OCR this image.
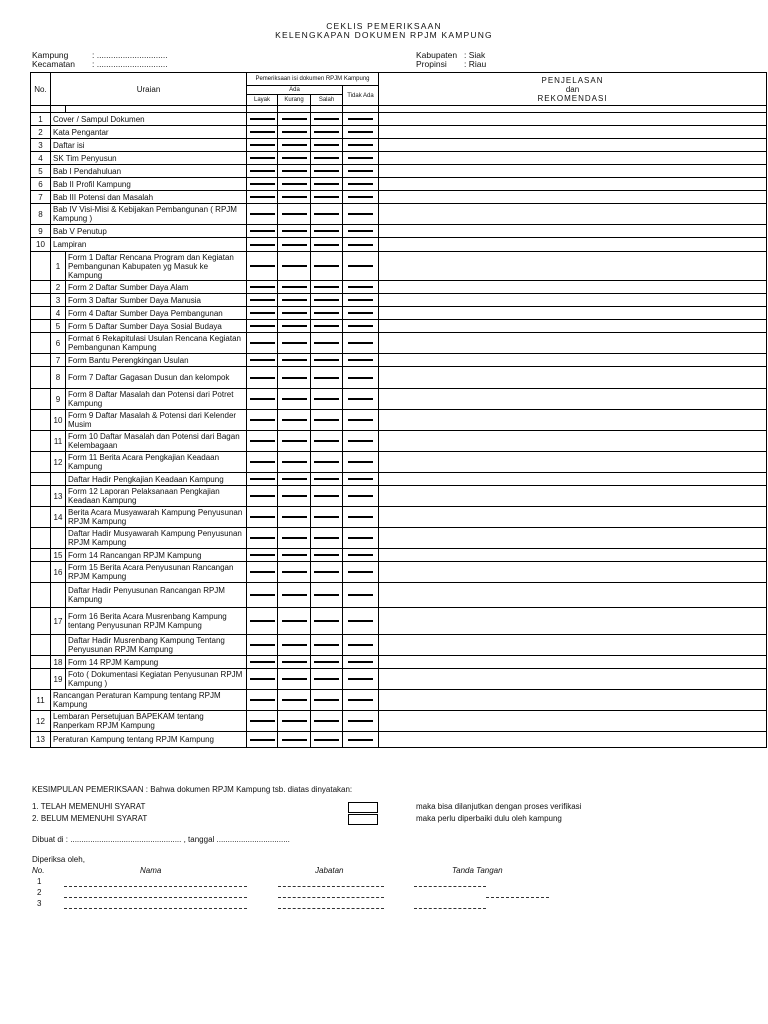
CEKLIS PEMERIKSAAN
KELENGKAPAN DOKUMEN RPJM KAMPUNG
Kampung	: ..............................
Kecamatan : ..............................
Kabupaten : Siak
Propinsi : Riau
No.	Uraian		Pemeriksaan isi dokumen RPJM Kampung				PENJELASAN
dan
REKOMENDASI

			Ada			Tidak Ada	
			Layak	Kurang	Salah		

1	Cover / Sampul Dokumen		

2	Kata Pengantar		

3	Daftar isi		

4	SK Tim Penyusun		

5	Bab I Pendahuluan		

6	Bab II Profil Kampung		

7	Bab III Potensi dan Masalah		

8	Bab IV Visi-Misi & Kebijakan Pembangunan ( RPJM Kampung )		

9	Bab V Penutup		

10	Lampiran		

	1	Form 1 Daftar Rencana Program dan Kegiatan Pembangunan Kabupaten yg Masuk ke Kampung	

	2	Form 2 Daftar Sumber Daya Alam	

	3	Form 3 Daftar Sumber Daya Manusia	

	4	Form 4 Daftar Sumber Daya Pembangunan	

	5	Form 5 Daftar Sumber Daya Sosial Budaya	

	6	Format 6 Rekapitulasi Usulan Rencana Kegiatan Pembangunan Kampung	

	7	Form Bantu Perengkingan Usulan	

	8	Form 7 Daftar Gagasan Dusun dan kelompok	

	9	Form 8 Daftar Masalah dan Potensi dari Potret Kampung	

	10	Form 9 Daftar Masalah & Potensi dari Kelender Musim	

	11	Form 10 Daftar Masalah dan Potensi dari Bagan Kelembagaan	

	12	Form 11 Berita Acara Pengkajian Keadaan Kampung	

		Daftar Hadir Pengkajian Keadaan Kampung	

	13	Form 12 Laporan Pelaksanaan Pengkajian Keadaan Kampung	

	14	Berita Acara Musyawarah Kampung Penyusunan RPJM Kampung	

		Daftar Hadir Musyawarah Kampung Penyusunan RPJM Kampung	

	15	Form 14 Rancangan RPJM Kampung	

	16	Form 15 Berita Acara Penyusunan Rancangan RPJM Kampung	

		Daftar Hadir Penyusunan Rancangan RPJM Kampung	

	17	Form 16 Berita Acara Musrenbang Kampung tentang Penyusunan RPJM Kampung	

		Daftar Hadir Musrenbang Kampung Tentang Penyusunan RPJM Kampung	

	18	Form 14 RPJM Kampung	

	19	Foto ( Dokumentasi Kegiatan Penyusunan RPJM Kampung )	

11	Rancangan Peraturan Kampung tentang RPJM Kampung		

12	Lembaran Persetujuan BAPEKAM tentang Ranperkam RPJM Kampung		

13	Peraturan Kampung tentang RPJM Kampung		

KESIMPULAN PEMERIKSAAN : Bahwa dokumen RPJM Kampung tsb. diatas dinyatakan:
1. TELAH MEMENUHI SYARAT	maka bisa dilanjutkan dengan proses verifikasi
2. BELUM MEMENUHI SYARAT	maka perlu diperbaiki dulu oleh kampung
Dibuat di : .................................................. , tanggal .................................
Diperiksa oleh,
No.	Nama	Jabatan	Tanda Tangan
1
2
3
